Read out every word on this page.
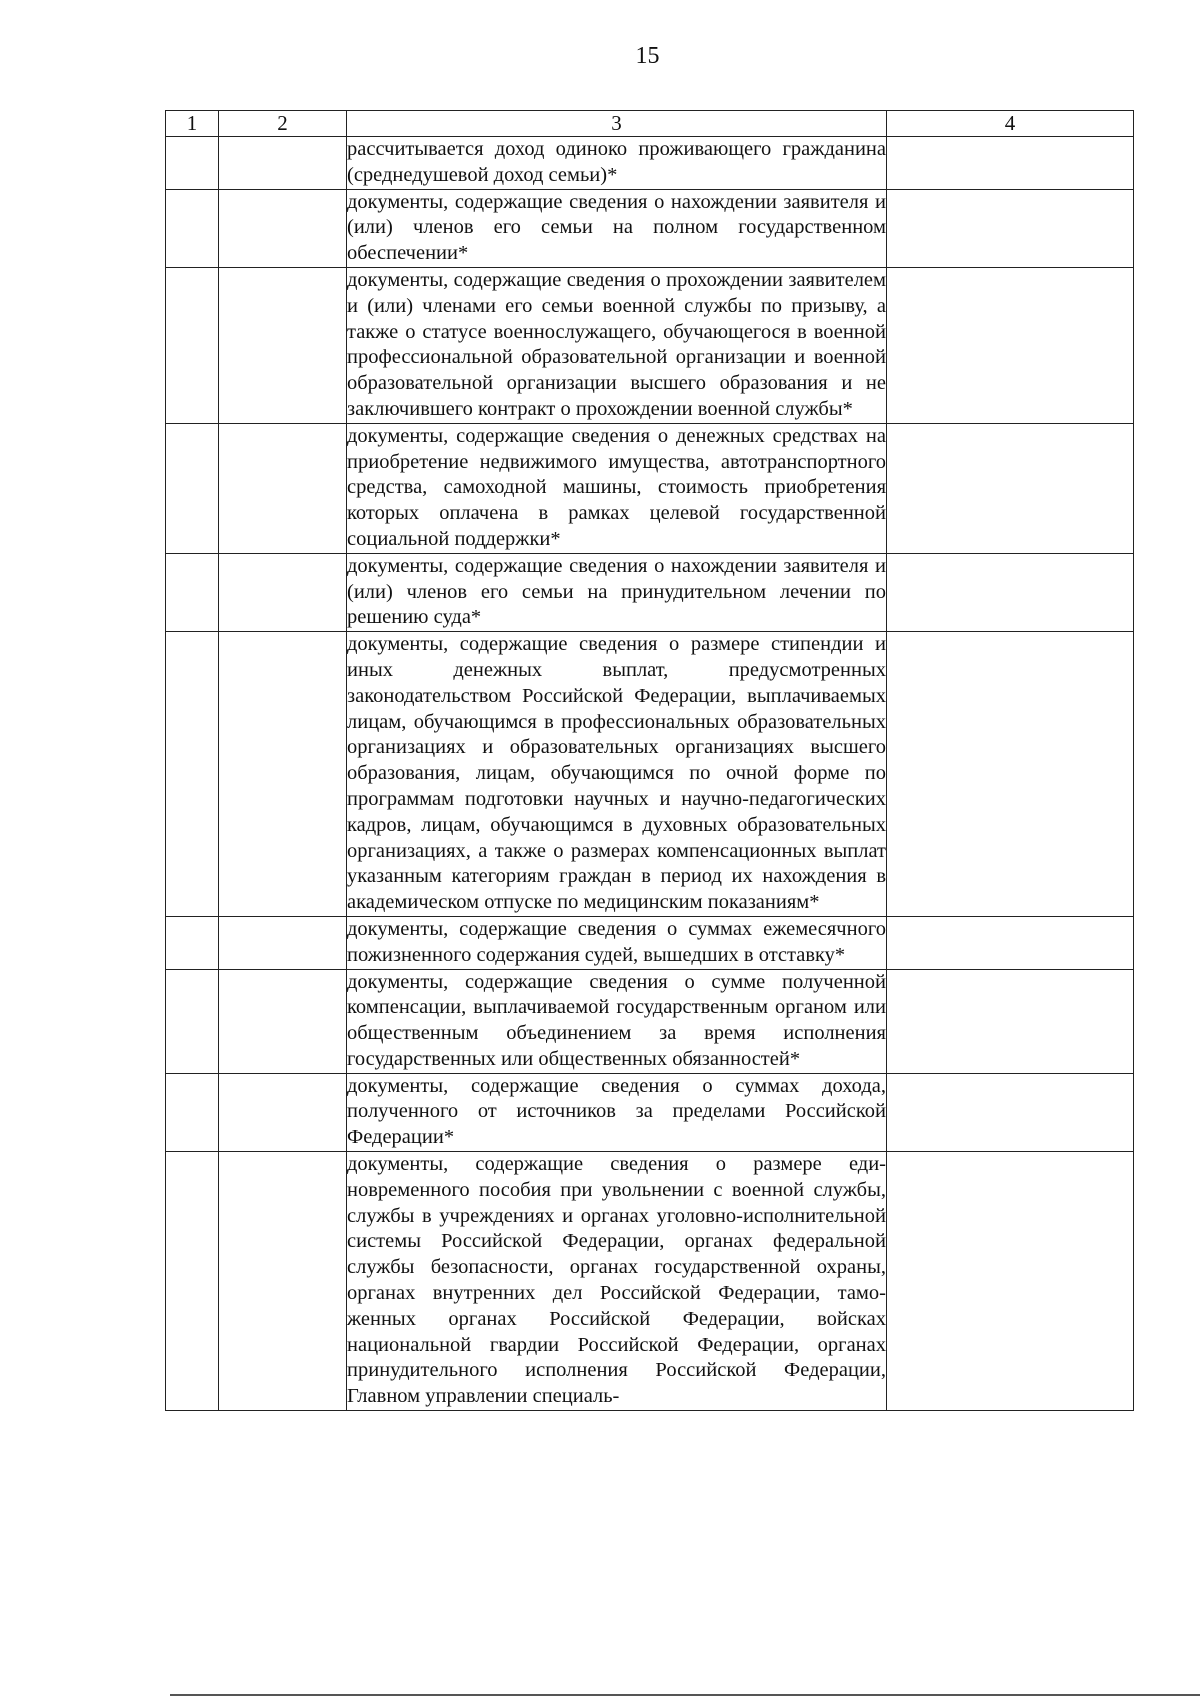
15
1	2	3	4
		рассчитывается доход одиноко проживающего гражданина (среднедушевой доход семьи)*	
		документы, содержащие сведения о нахождении заявителя и (или) членов его семьи на полном государственном обеспечении*	
		документы, содержащие сведения о прохождении заявителем и (или) членами его семьи военной службы по призыву, а также о статусе военнослужащего, обучающегося в военной профессиональной образовательной организации и военной образовательной организации высшего образования и не заключившего контракт о прохождении военной службы*	
		документы, содержащие сведения о денежных средствах на приобретение недвижимого имущества, автотранспортного средства, самоходной машины, стоимость приобретения которых оплачена в рамках целевой государственной социальной поддержки*	
		документы, содержащие сведения о нахождении заявителя и (или) членов его семьи на принудительном лечении по решению суда*	
		документы, содержащие сведения о размере стипендии и иных денежных выплат, предусмотренных законодательством Российской Федерации, выплачиваемых лицам, обучающимся в профессиональных образовательных организациях и образовательных организациях высшего образования, лицам, обучающимся по очной форме по программам подготовки научных и научно-педагогических кадров, лицам, обучающимся в духовных образовательных организациях, а также о размерах компенсационных выплат указанным категориям граждан в период их нахождения в академическом отпуске по медицинским показаниям*	
		документы, содержащие сведения о суммах ежемесячного пожизненного содержания судей, вышедших в отставку*	
		документы, содержащие сведения о сумме полученной компенсации, выплачиваемой государственным органом или общественным объединением за время исполнения государственных или общественных обязанностей*	
		документы, содержащие сведения о суммах дохода, полученного от источников за пределами Российской Федерации*	
		документы, содержащие сведения о размере единовременного пособия при увольнении с военной службы, службы в учреждениях и органах уголовно-исполнительной системы Российской Федерации, органах федеральной службы безопасности, органах государственной охраны, органах внутренних дел Российской Федерации, таможенных органах Российской Федерации, войсках национальной гвардии Российской Федерации, органах принудительного исполнения Российской Федерации, Главном управлении специаль-	
